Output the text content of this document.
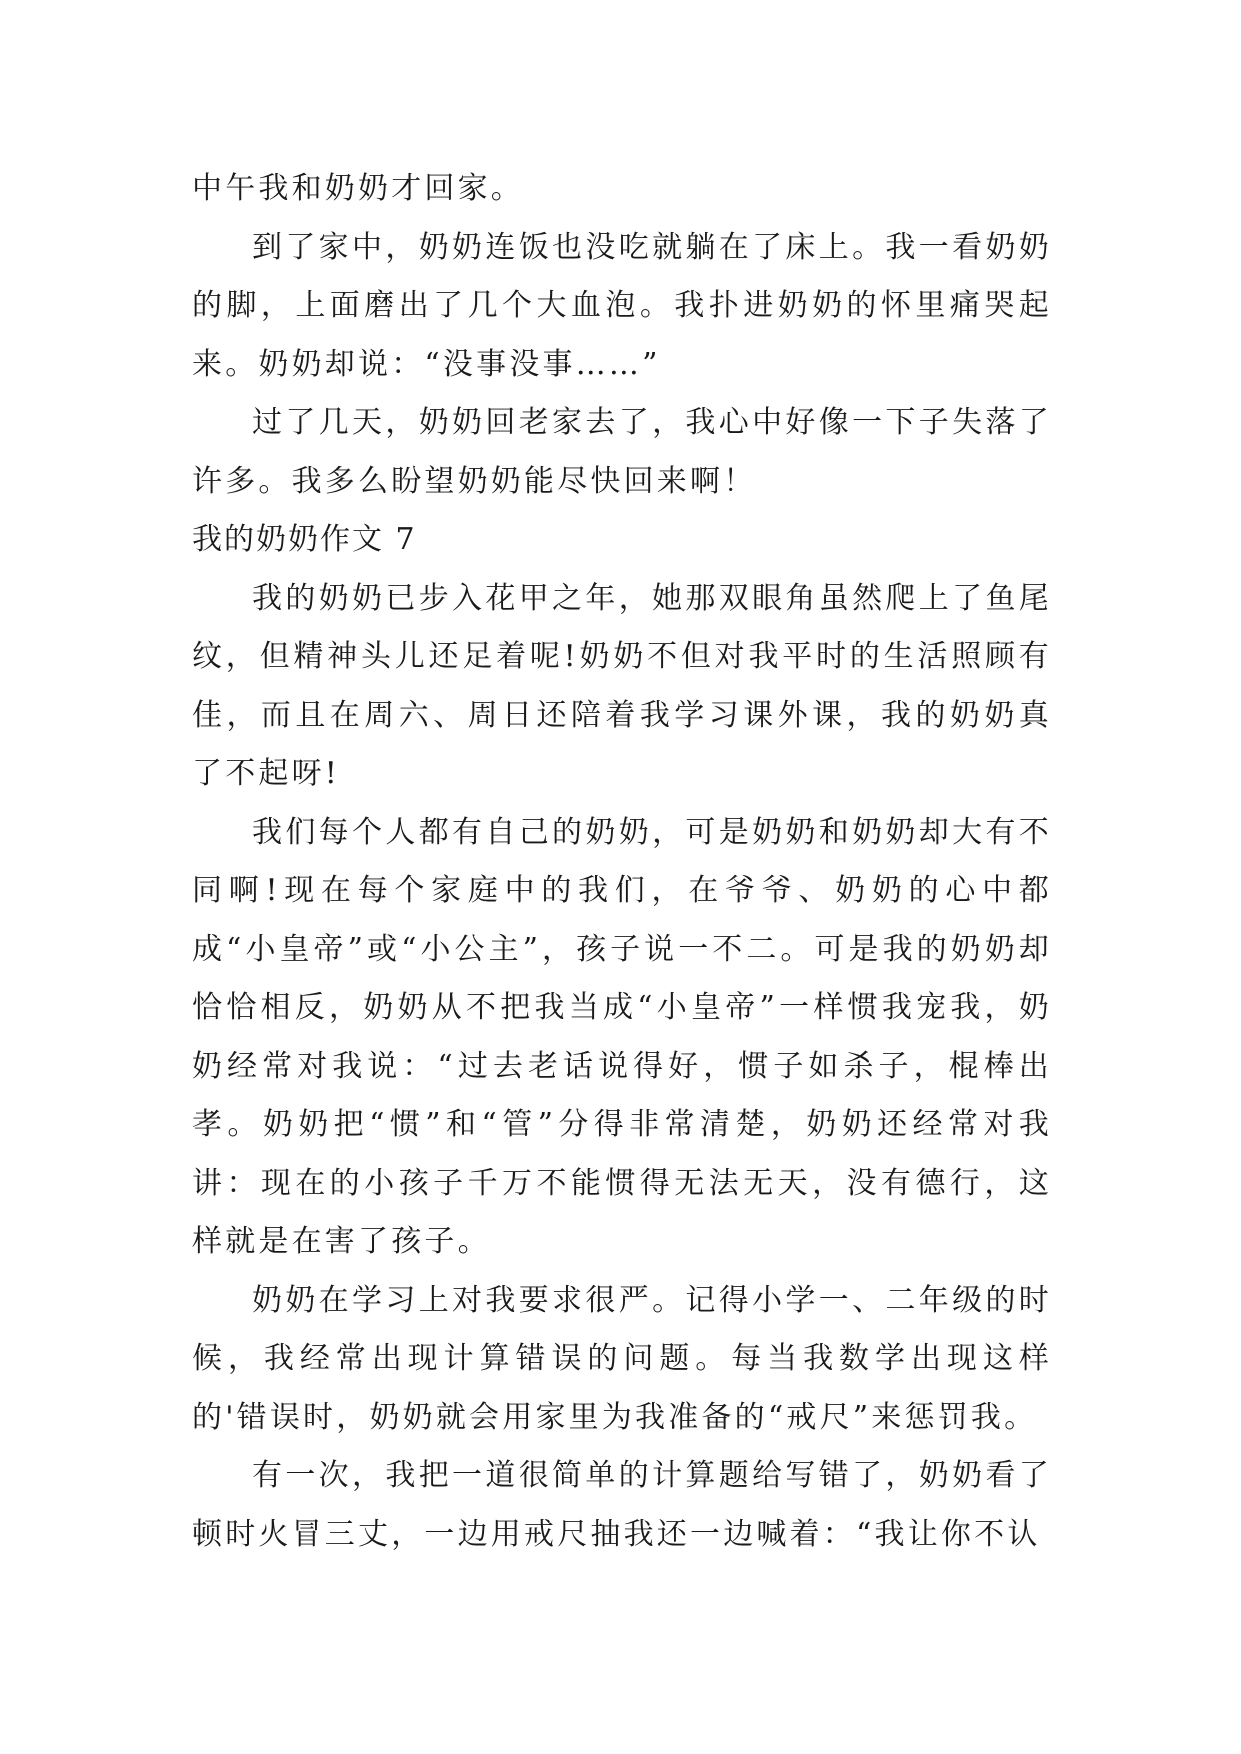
中午我和奶奶才回家。

到了家中，奶奶连饭也没吃就躺在了床上。我一看奶奶的脚，上面磨出了几个大血泡。我扑进奶奶的怀里痛哭起来。奶奶却说：“没事没事……”

过了几天，奶奶回老家去了，我心中好像一下子失落了许多。我多么盼望奶奶能尽快回来啊！

我的奶奶作文 7

我的奶奶已步入花甲之年，她那双眼角虽然爬上了鱼尾纹，但精神头儿还足着呢!奶奶不但对我平时的生活照顾有佳，而且在周六、周日还陪着我学习课外课，我的奶奶真了不起呀!

我们每个人都有自己的奶奶，可是奶奶和奶奶却大有不同啊!现在每个家庭中的我们，在爷爷、奶奶的心中都成“小皇帝”或“小公主”，孩子说一不二。可是我的奶奶却恰恰相反，奶奶从不把我当成“小皇帝”一样惯我宠我，奶奶经常对我说：“过去老话说得好，惯子如杀子，棍棒出孝。奶奶把“惯”和“管”分得非常清楚，奶奶还经常对我讲：现在的小孩子千万不能惯得无法无天，没有德行，这样就是在害了孩子。

奶奶在学习上对我要求很严。记得小学一、二年级的时候，我经常出现计算错误的问题。每当我数学出现这样的'错误时，奶奶就会用家里为我准备的“戒尺”来惩罚我。

有一次，我把一道很简单的计算题给写错了，奶奶看了顿时火冒三丈，一边用戒尺抽我还一边喊着：“我让你不认
